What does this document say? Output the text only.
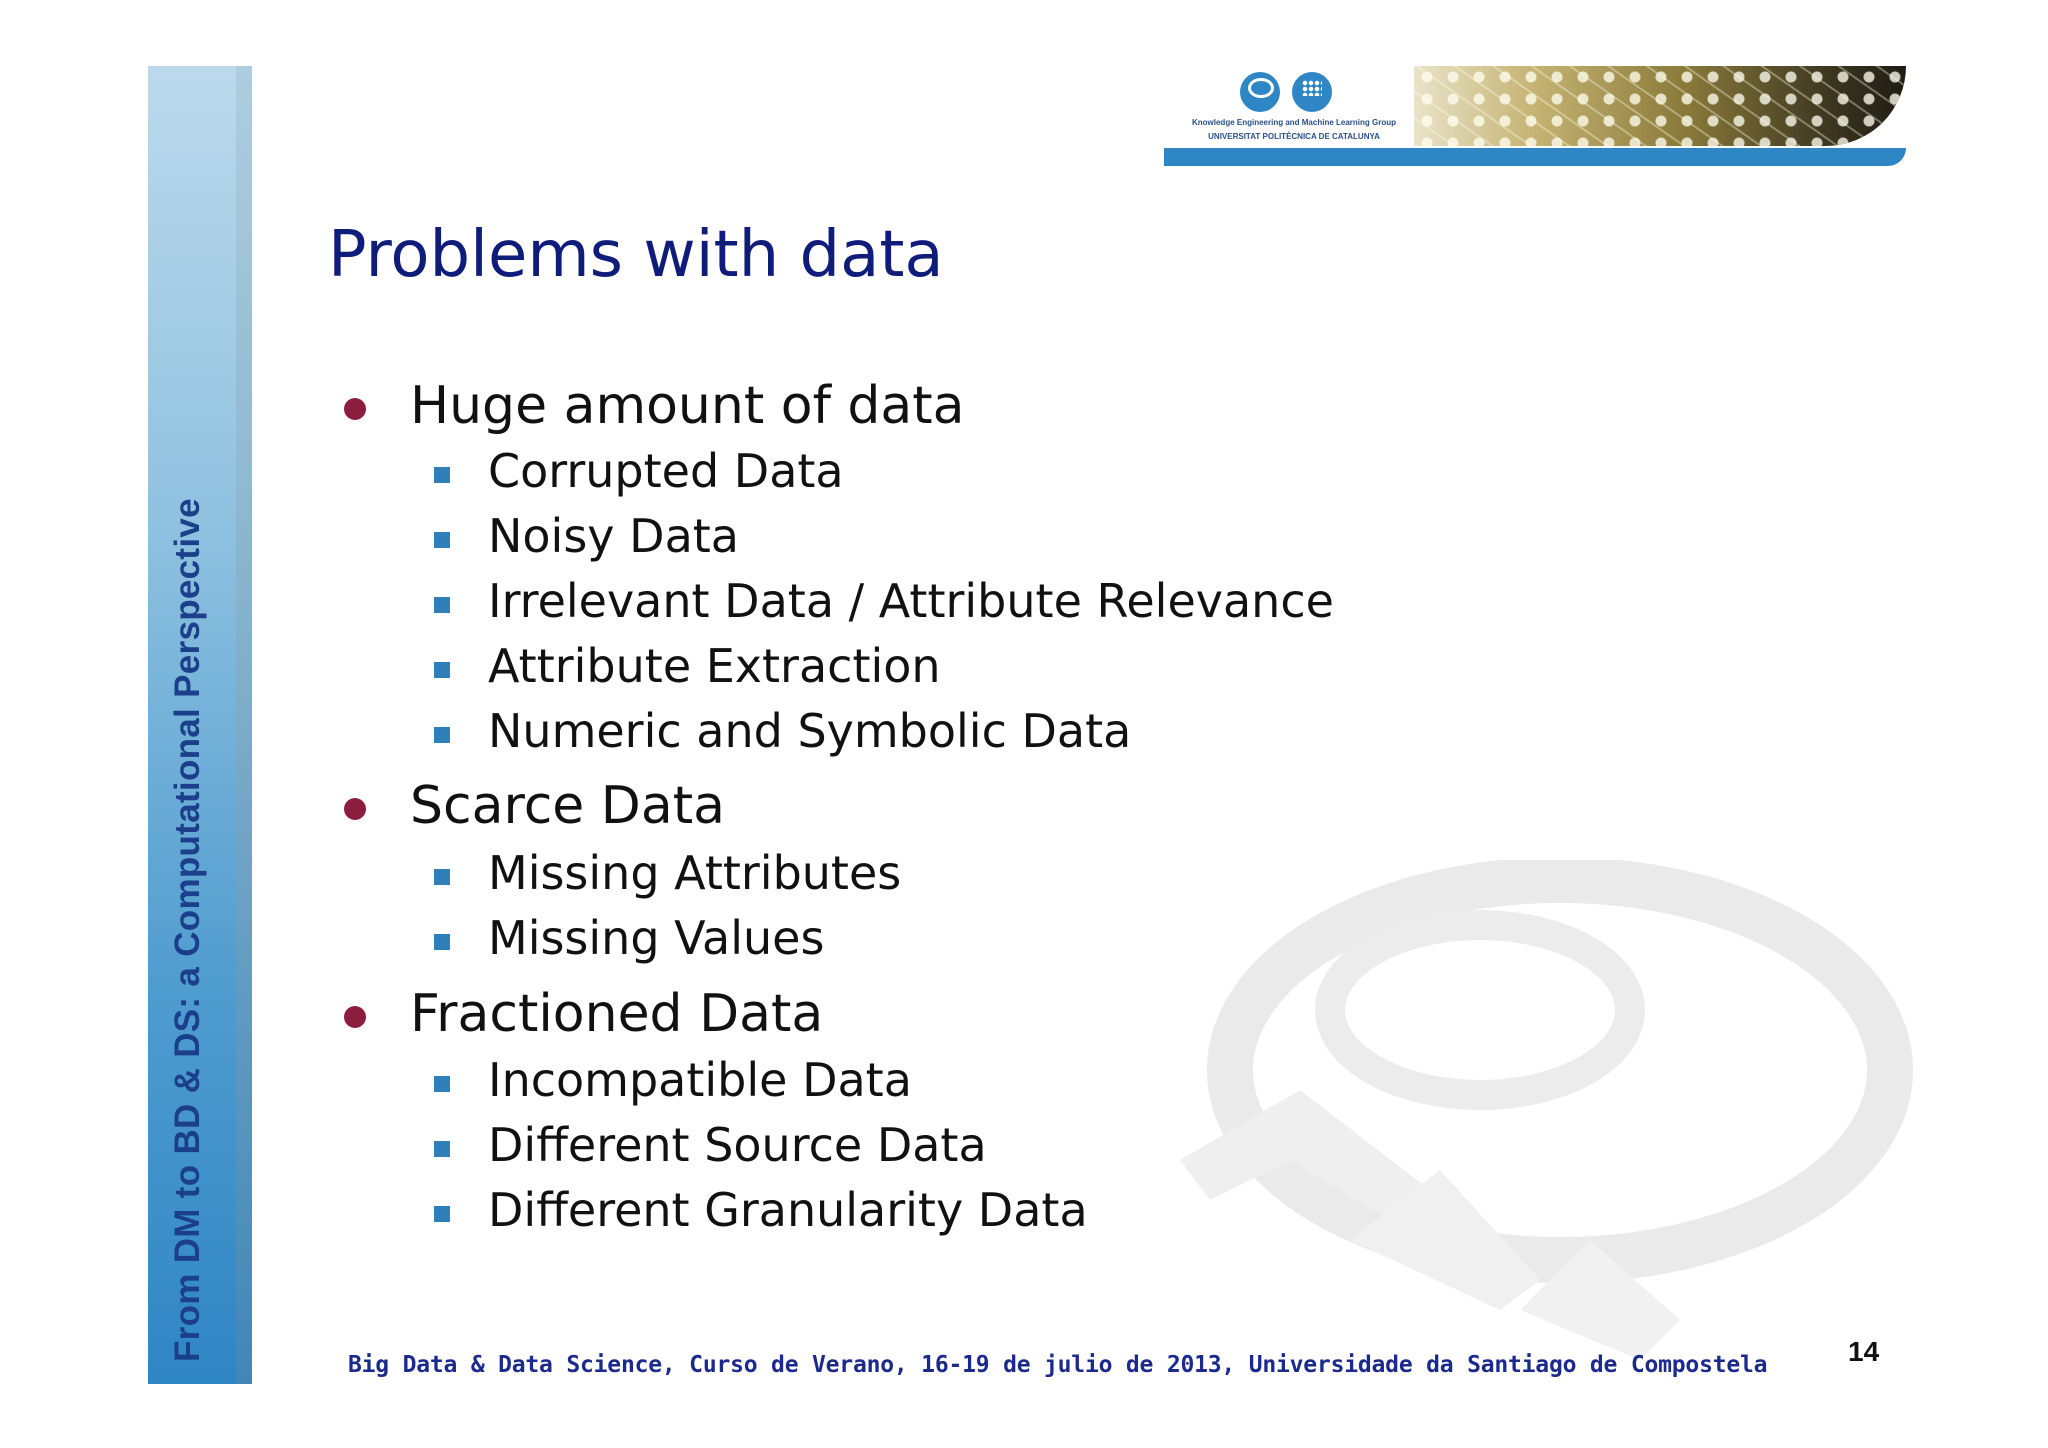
From DM to BD & DS: a Computational Perspective
Knowledge Engineering and Machine Learning Group
UNIVERSITAT POLITÈCNICA DE CATALUNYA
Problems with data
Huge amount of data
Corrupted Data
Noisy Data
Irrelevant Data / Attribute Relevance
Attribute Extraction
Numeric and Symbolic Data
Scarce Data
Missing Attributes
Missing Values
Fractioned Data
Incompatible Data
Different Source Data
Different Granularity Data
Big Data & Data Science, Curso de Verano, 16-19 de julio de 2013, Universidade da Santiago de Compostela	14
